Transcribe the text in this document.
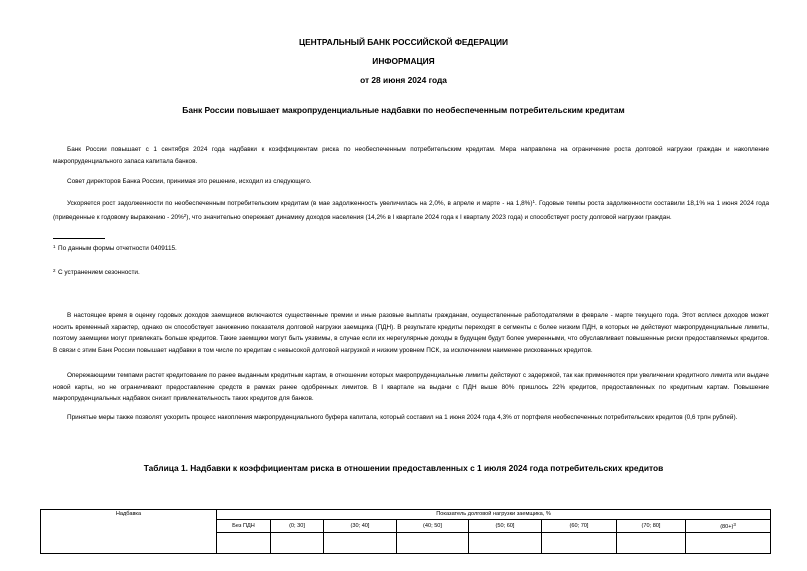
ЦЕНТРАЛЬНЫЙ БАНК РОССИЙСКОЙ ФЕДЕРАЦИИ
ИНФОРМАЦИЯ
от 28 июня 2024 года
Банк России повышает макропруденциальные надбавки по необеспеченным потребительским кредитам
Банк России повышает с 1 сентября 2024 года надбавки к коэффициентам риска по необеспеченным потребительским кредитам. Мера направлена на ограничение роста долговой нагрузки граждан и накопление макропруденциального запаса капитала банков.
Совет директоров Банка России, принимая это решение, исходил из следующего.
Ускоряется рост задолженности по необеспеченным потребительским кредитам (в мае задолженность увеличилась на 2,0%, в апреле и марте - на 1,8%)$^1$. Годовые темпы роста задолженности составили 18,1% на 1 июня 2024 года (приведенные к годовому выражению - 20%$^2$), что значительно опережает динамику доходов населения (14,2% в I квартале 2024 года к I кварталу 2023 года) и способствует росту долговой нагрузки граждан.
1 По данным формы отчетности 0409115.
2 С устранением сезонности.
В настоящее время в оценку годовых доходов заемщиков включаются существенные премии и иные разовые выплаты гражданам, осуществленные работодателями в феврале - марте текущего года. Этот всплеск доходов может носить временный характер, однако он способствует занижению показателя долговой нагрузки заемщика (ПДН). В результате кредиты переходят в сегменты с более низким ПДН, в которых не действуют макропруденциальные лимиты, поэтому заемщики могут привлекать больше кредитов. Такие заемщики могут быть уязвимы, в случае если их нерегулярные доходы в будущем будут более умеренными, что обуславливает повышенные риски предоставляемых кредитов. В связи с этим Банк России повышает надбавки в том числе по кредитам с невысокой долговой нагрузкой и низким уровнем ПСК, за исключением наименее рискованных кредитов.
Опережающими темпами растет кредитование по ранее выданным кредитным картам, в отношении которых макропруденциальные лимиты действуют с задержкой, так как применяются при увеличении кредитного лимита или выдаче новой карты, но не ограничивают предоставление средств в рамках ранее одобренных лимитов. В I квартале на выдачи с ПДН выше 80% пришлось 22% кредитов, предоставленных по кредитным картам. Повышение макропруденциальных надбавок снизит привлекательность таких кредитов для банков.
Принятые меры также позволят ускорить процесс накопления макропруденциального буфера капитала, который составил на 1 июня 2024 года 4,3% от портфеля необеспеченных потребительских кредитов (0,6 трлн рублей).
Таблица 1. Надбавки к коэффициентам риска в отношении предоставленных с 1 июля 2024 года потребительских кредитов
Надбавка	Показатель долговой нагрузки заемщика, %							
	Без ПДН	(0; 30]	(30; 40]	(40; 50]	(50; 60]	(60; 70]	(70; 80]	$(80+)^3$
